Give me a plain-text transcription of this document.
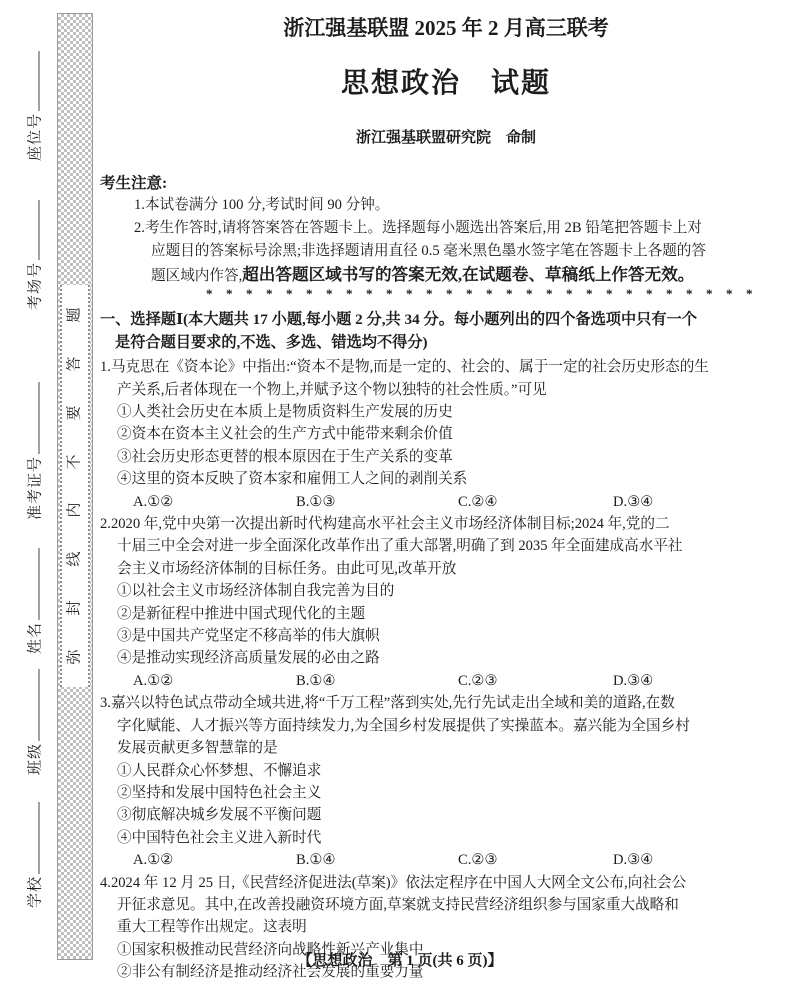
题
答
要
不
内
线
封
弥
座位号
考场号
准考证号
姓名
班级
学校
浙江强基联盟 2025 年 2 月高三联考
思想政治　试题
浙江强基联盟研究院　命制
考生注意:
1.本试卷满分 100 分,考试时间 90 分钟。
2.考生作答时,请将答案答在答题卡上。选择题每小题选出答案后,用 2B 铅笔把答题卡上对
应题目的答案标号涂黑;非选择题请用直径 0.5 毫米黑色墨水签字笔在答题卡上各题的答
题区域内作答,超出答题区域书写的答案无效,在试题卷、草稿纸上作答无效。
****************************
一、选择题Ⅰ(本大题共 17 小题,每小题 2 分,共 34 分。每小题列出的四个备选项中只有一个
是符合题目要求的,不选、多选、错选均不得分)
1.马克思在《资本论》中指出:“资本不是物,而是一定的、社会的、属于一定的社会历史形态的生
产关系,后者体现在一个物上,并赋予这个物以独特的社会性质。”可见
①人类社会历史在本质上是物质资料生产发展的历史
②资本在资本主义社会的生产方式中能带来剩余价值
③社会历史形态更替的根本原因在于生产关系的变革
④这里的资本反映了资本家和雇佣工人之间的剥削关系
A.①②	B.①③	C.②④	D.③④
2.2020 年,党中央第一次提出新时代构建高水平社会主义市场经济体制目标;2024 年,党的二
十届三中全会对进一步全面深化改革作出了重大部署,明确了到 2035 年全面建成高水平社
会主义市场经济体制的目标任务。由此可见,改革开放
①以社会主义市场经济体制自我完善为目的
②是新征程中推进中国式现代化的主题
③是中国共产党坚定不移高举的伟大旗帜
④是推动实现经济高质量发展的必由之路
A.①②	B.①④	C.②③	D.③④
3.嘉兴以特色试点带动全域共进,将“千万工程”落到实处,先行先试走出全域和美的道路,在数
字化赋能、人才振兴等方面持续发力,为全国乡村发展提供了实操蓝本。嘉兴能为全国乡村
发展贡献更多智慧靠的是
①人民群众心怀梦想、不懈追求
②坚持和发展中国特色社会主义
③彻底解决城乡发展不平衡问题
④中国特色社会主义进入新时代
A.①②	B.①④	C.②③	D.③④
4.2024 年 12 月 25 日,《民营经济促进法(草案)》依法定程序在中国人大网全文公布,向社会公
开征求意见。其中,在改善投融资环境方面,草案就支持民营经济组织参与国家重大战略和
重大工程等作出规定。这表明
①国家积极推动民营经济向战略性新兴产业集中
②非公有制经济是推动经济社会发展的重要力量
【思想政治　第 1 页(共 6 页)】
